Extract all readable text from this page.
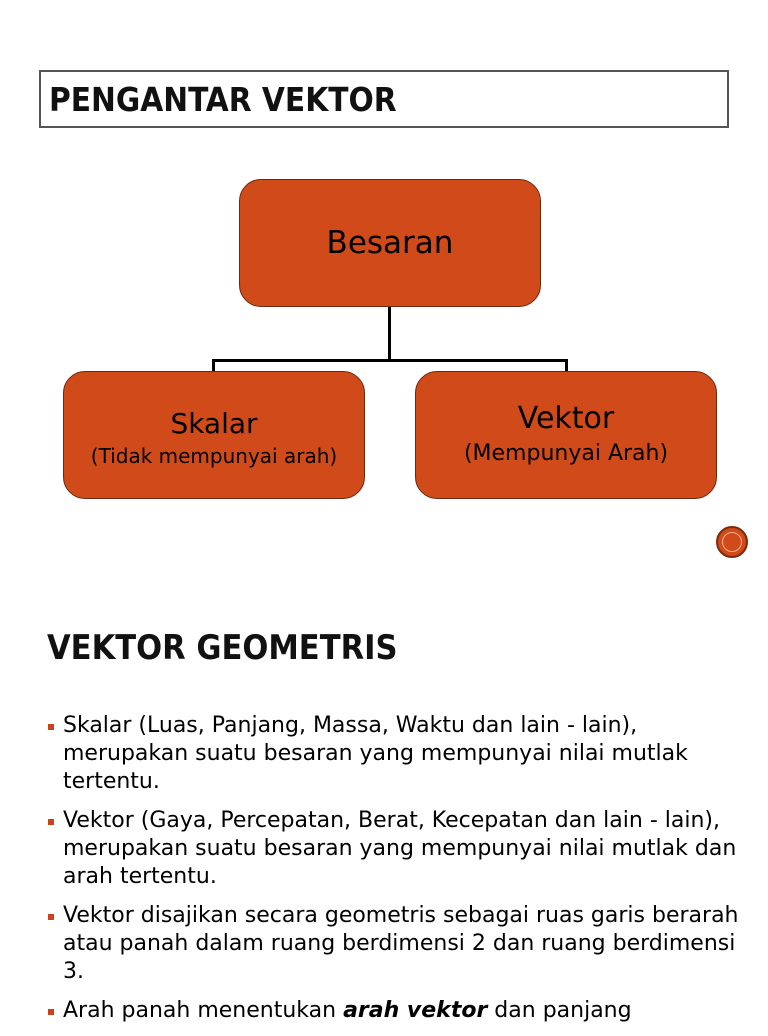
PENGANTAR VEKTOR
Besaran
Skalar
(Tidak mempunyai arah)
Vektor
(Mempunyai Arah)
VEKTOR GEOMETRIS
Skalar (Luas, Panjang, Massa, Waktu dan lain - lain), merupakan suatu besaran yang mempunyai nilai mutlak tertentu.
Vektor (Gaya, Percepatan, Berat, Kecepatan dan lain - lain), merupakan suatu besaran yang mempunyai nilai mutlak dan arah tertentu.
Vektor disajikan secara geometris sebagai ruas garis berarah atau panah dalam ruang berdimensi 2 dan ruang berdimensi 3.
Arah panah menentukan arah vektor dan panjang
